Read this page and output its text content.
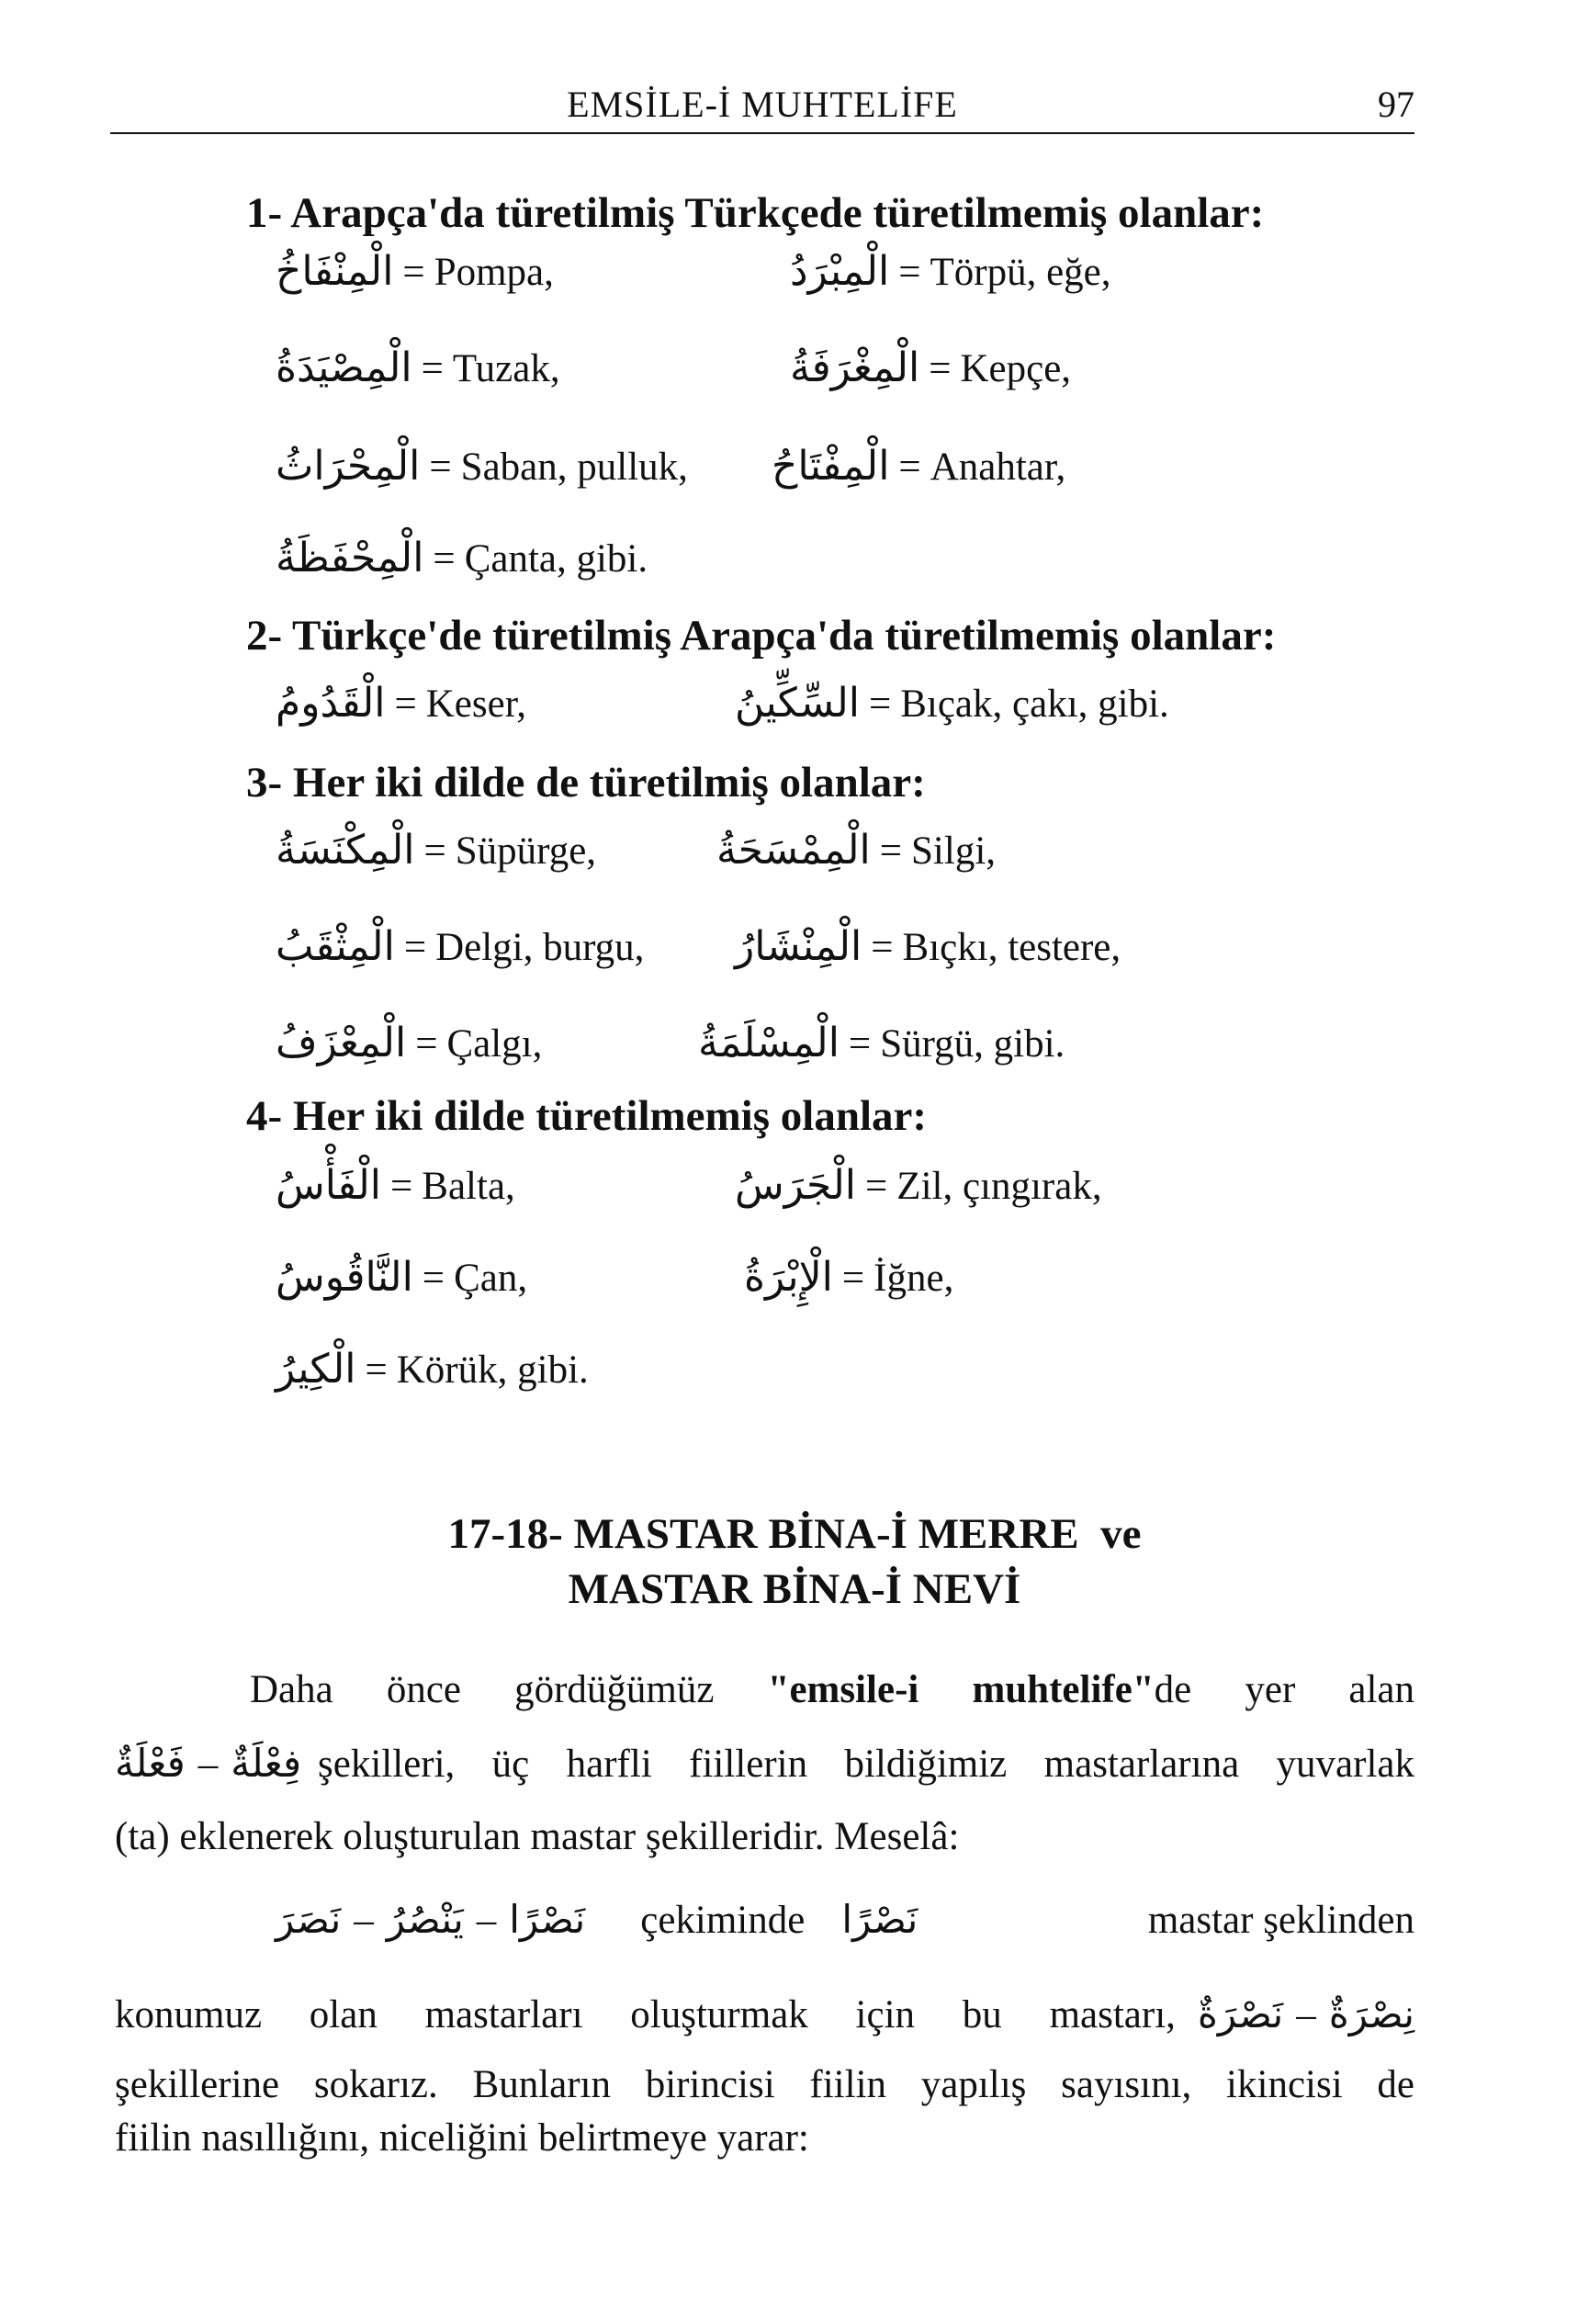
EMSİLE-İ MUHTELİFE	97
1- Arapça'da türetilmiş Türkçede türetilmemiş olanlar:
الْمِنْفَاخُ = Pompa,	الْمِبْرَدُ = Törpü, eğe,
الْمِصْيَدَةُ = Tuzak,	الْمِغْرَفَةُ = Kepçe,
الْمِحْرَاثُ = Saban, pulluk, الْمِفْتَاحُ = Anahtar,
الْمِحْفَظَةُ = Çanta, gibi.
2- Türkçe'de türetilmiş Arapça'da türetilmemiş olanlar:
الْقَدُومُ = Keser,	السِّكِّينُ = Bıçak, çakı, gibi.
3- Her iki dilde de türetilmiş olanlar:
الْمِكْنَسَةُ = Süpürge,	الْمِمْسَحَةُ = Silgi,
الْمِثْقَبُ = Delgi, burgu, الْمِنْشَارُ = Bıçkı, testere,
الْمِعْزَفُ = Çalgı,	الْمِسْلَمَةُ = Sürgü, gibi.
4- Her iki dilde türetilmemiş olanlar:
الْفَأْسُ = Balta,	الْجَرَسُ = Zil, çıngırak,
النَّاقُوسُ = Çan,	الْإِبْرَةُ = İğne,
الْكِيرُ = Körük, gibi.
17-18- MASTAR BİNA-İ MERRE  ve
MASTAR BİNA-İ NEVİ
Daha önce gördüğümüz "emsile-i muhtelife"de yer alan
فَعْلَةٌ – فِعْلَةٌ şekilleri, üç harfli fiillerin bildiğimiz mastarlarına yuvarlak
(ta) eklenerek oluşturulan mastar şekilleridir. Meselâ:
نَصَرَ – يَنْصُرُ – نَصْرًا çekiminde نَصْرًا	mastar şeklinden
konumuz olan mastarları oluşturmak için bu mastarı, نَصْرَةٌ – نِصْرَةٌ
şekillerine sokarız. Bunların birincisi fiilin yapılış sayısını, ikincisi de
fiilin nasıllığını, niceliğini belirtmeye yarar:
